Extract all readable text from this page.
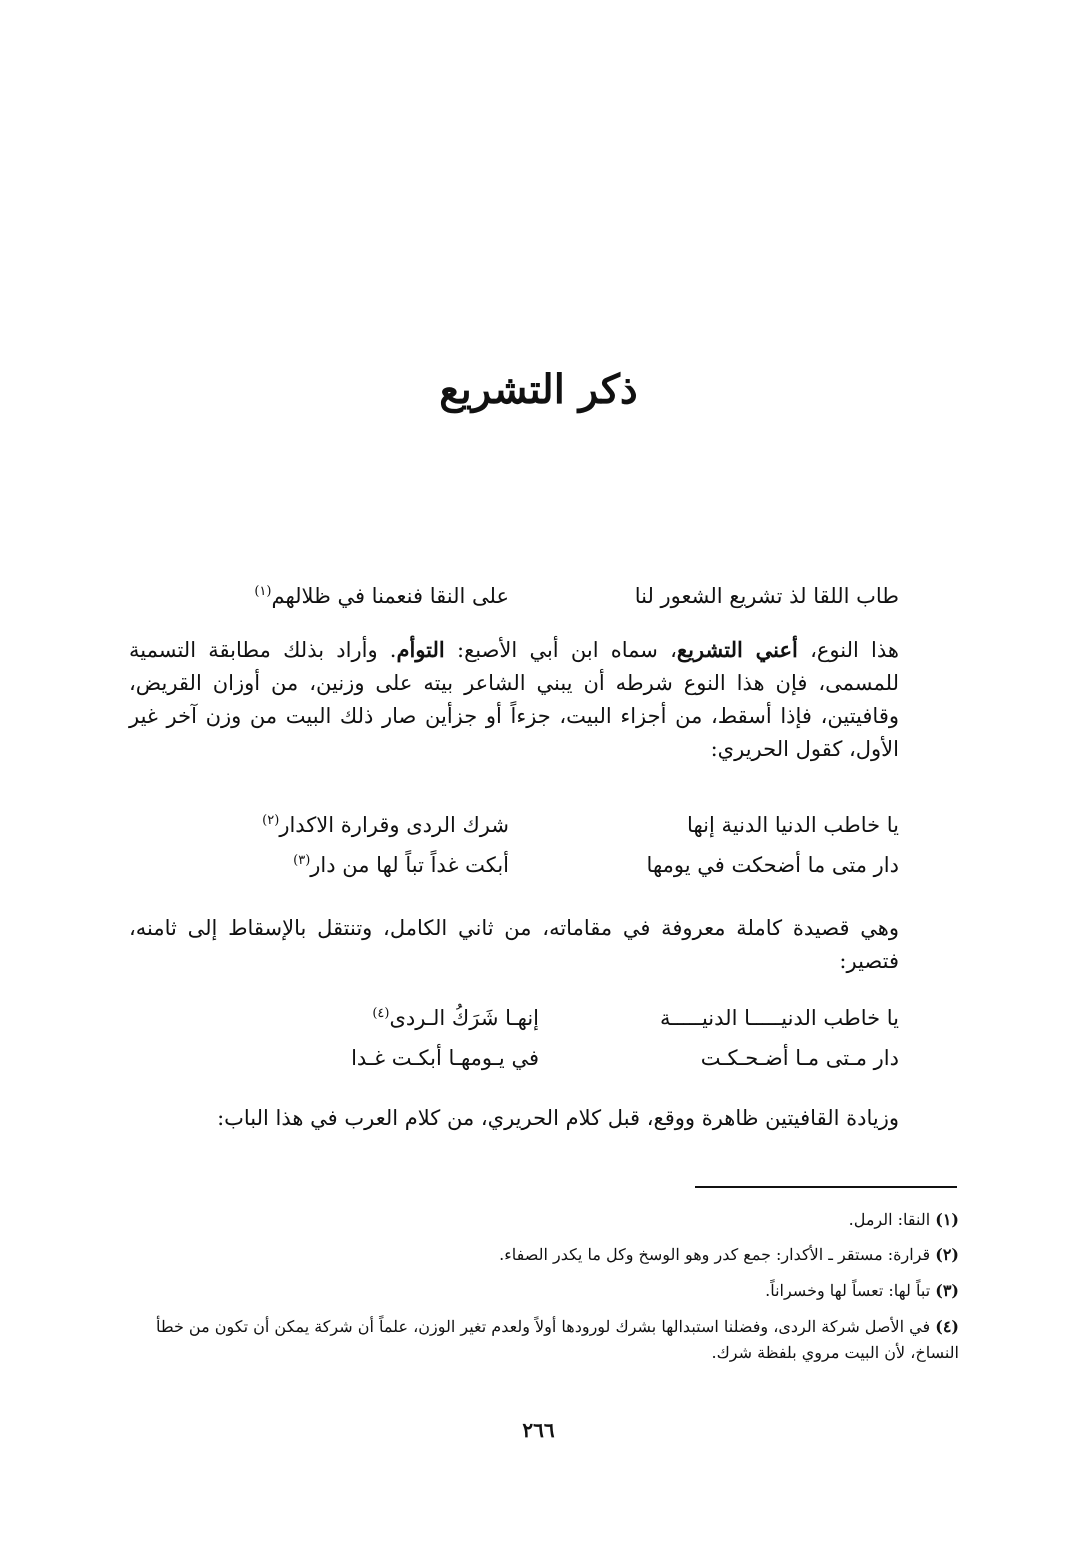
ذكر التشريع
طاب اللقا لذ تشريع الشعور لنا
على النقا فنعمنا في ظلالهم$^{(١)}$

هذا النوع، أعني التشريع، سماه ابن أبي الأصبع: التوأم. وأراد بذلك مطابقة التسمية للمسمى، فإن هذا النوع شرطه أن يبني الشاعر بيته على وزنين، من أوزان القريض، وقافيتين، فإذا أسقط، من أجزاء البيت، جزءاً أو جزأين صار ذلك البيت من وزن آخر غير الأول، كقول الحريري:

يا خاطب الدنيا الدنية إنها
شرك الردى وقرارة الاكدار$^{(٢)}$
دار متى ما أضحكت في يومها
أبكت غداً تباً لها من دار$^{(٣)}$

وهي قصيدة كاملة معروفة في مقاماته، من ثاني الكامل، وتنتقل بالإسقاط إلى ثامنه، فتصير:

يا خاطب الدنيـــــا الدنيـــــة
إنهـا شَرَكُ الـردى$^{(٤)}$
دار مـتى مـا أضـحـكـت
في يـومهـا أبكـت غـدا

وزيادة القافيتين ظاهرة ووقع، قبل كلام الحريري، من كلام العرب في هذا الباب:

(١) النقا: الرمل.

(٢) قرارة: مستقر ـ الأكدار: جمع كدر وهو الوسخ وكل ما يكدر الصفاء.

(٣) تباً لها: تعساً لها وخسراناً.

(٤) في الأصل شركة الردى، وفضلنا استبدالها بشرك لورودها أولاً ولعدم تغير الوزن، علماً أن شركة يمكن أن تكون من خطأ النساخ، لأن البيت مروي بلفظة شرك.

٢٦٦
